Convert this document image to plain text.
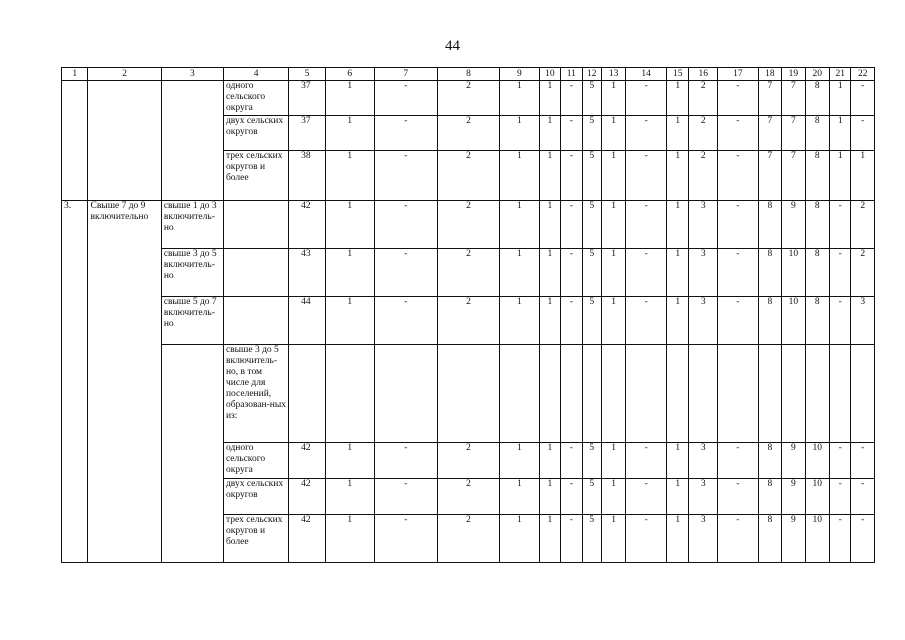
44
1	2	3	4	5	6	7	8	9	10	11	12	13	14	15	16	17	18	19	20	21	22
			одного сельского округа	37	1	-	2	1	1	-	5	1	-	1	2	-	7	7	8	1	-
			двух сельских округов	37	1	-	2	1	1	-	5	1	-	1	2	-	7	7	8	1	-
			трех сельских округов и более	38	1	-	2	1	1	-	5	1	-	1	2	-	7	7	8	1	1
3.	Свыше 7 до 9 включительно	свыше 1 до 3 включитель-но		42	1	-	2	1	1	-	5	1	-	1	3	-	8	9	8	-	2
		свыше 3 до 5 включитель-но		43	1	-	2	1	1	-	5	1	-	1	3	-	8	10	8	-	2
		свыше 5 до 7 включитель-но		44	1	-	2	1	1	-	5	1	-	1	3	-	8	10	8	-	3
			свыше 3 до 5 включитель-но, в том числе для поселений, образован-ных из:																		
			одного сельского округа	42	1	-	2	1	1	-	5	1	-	1	3	-	8	9	10	-	-
			двух сельских округов	42	1	-	2	1	1	-	5	1	-	1	3	-	8	9	10	-	-
			трех сельских округов и более	42	1	-	2	1	1	-	5	1	-	1	3	-	8	9	10	-	-
